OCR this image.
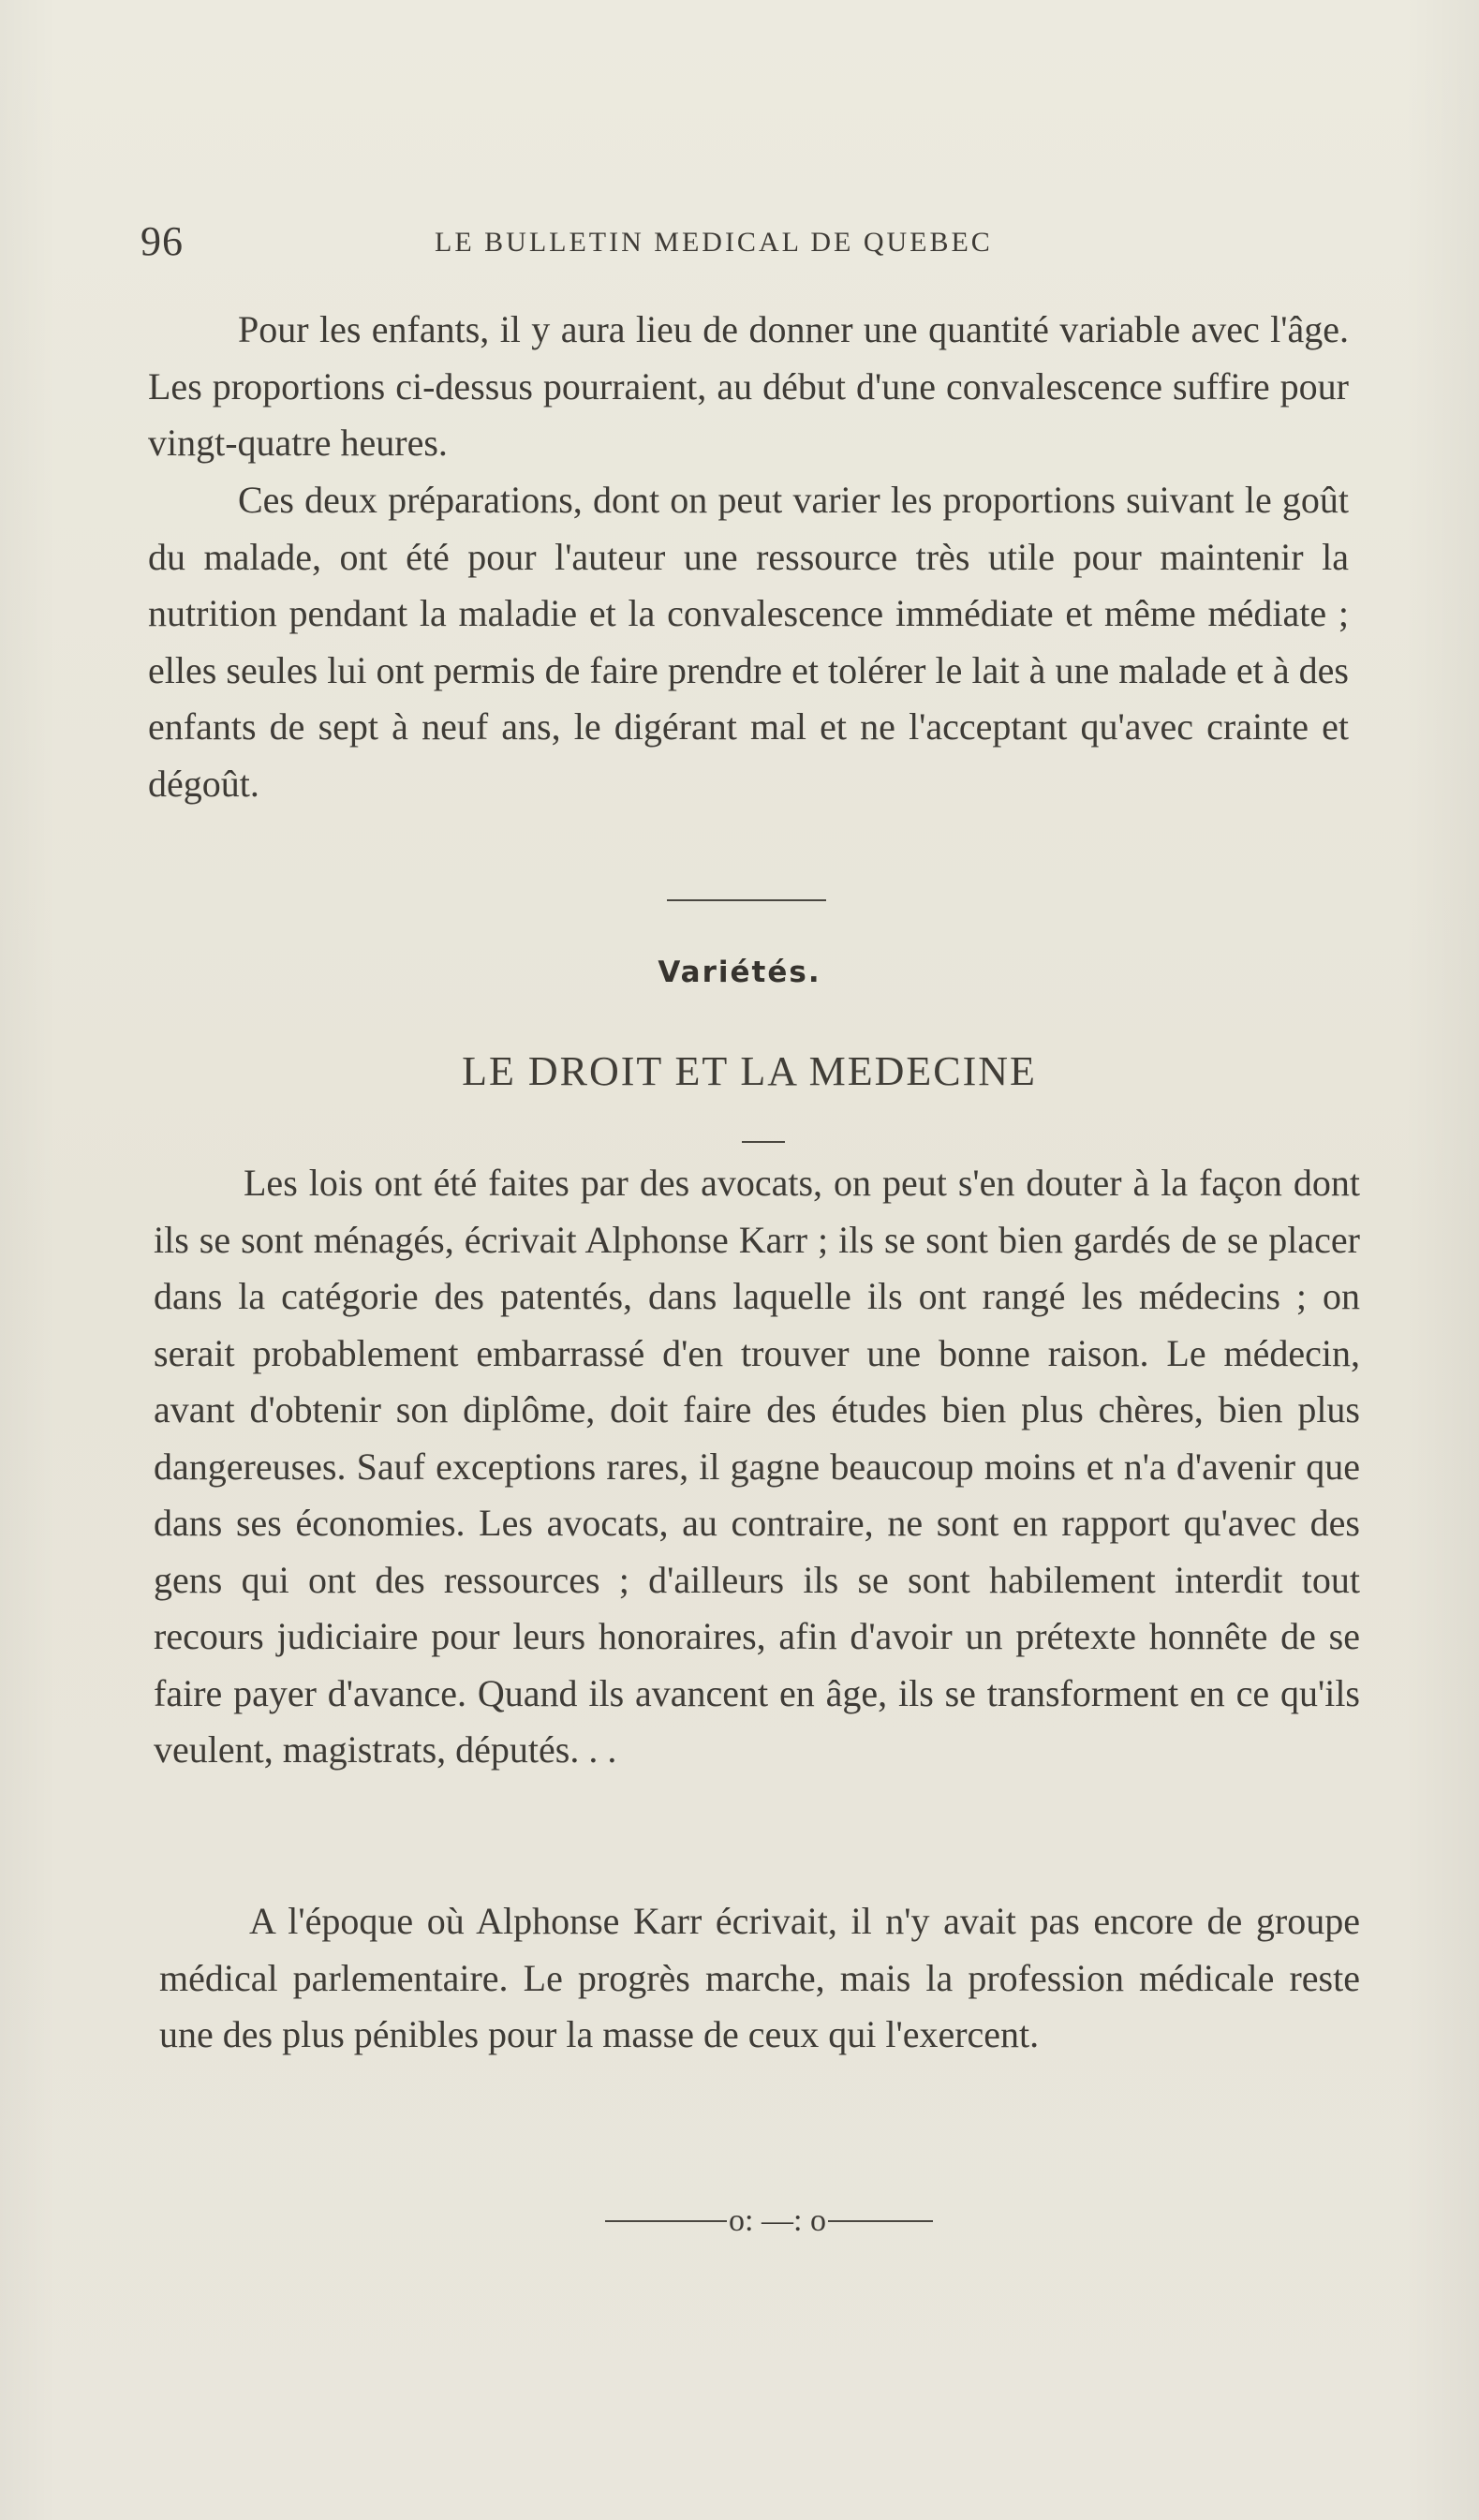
96	LE BULLETIN MEDICAL DE QUEBEC

Pour les enfants, il y aura lieu de donner une quantité variable avec l'âge. Les proportions ci-dessus pourraient, au début d'une convalescence suffire pour vingt-quatre heures.

Ces deux préparations, dont on peut varier les proportions suivant le goût du malade, ont été pour l'auteur une ressource très utile pour maintenir la nutrition pendant la maladie et la convalescence immédiate et même médiate ; elles seules lui ont permis de faire prendre et tolérer le lait à une malade et à des enfants de sept à neuf ans, le digérant mal et ne l'acceptant qu'avec crainte et dégoût.

Variétés.
LE DROIT ET LA MEDECINE

Les lois ont été faites par des avocats, on peut s'en douter à la façon dont ils se sont ménagés, écrivait Alphonse Karr ; ils se sont bien gardés de se placer dans la catégorie des patentés, dans laquelle ils ont rangé les médecins ; on serait probablement embarrassé d'en trouver une bonne raison. Le médecin, avant d'obtenir son diplôme, doit faire des études bien plus chères, bien plus dangereuses. Sauf exceptions rares, il gagne beaucoup moins et n'a d'avenir que dans ses économies. Les avocats, au contraire, ne sont en rapport qu'avec des gens qui ont des ressources ; d'ailleurs ils se sont habilement interdit tout recours judiciaire pour leurs honoraires, afin d'avoir un prétexte honnête de se faire payer d'avance. Quand ils avancent en âge, ils se transforment en ce qu'ils veulent, magistrats, députés. . .

A l'époque où Alphonse Karr écrivait, il n'y avait pas encore de groupe médical parlementaire. Le progrès marche, mais la profession médicale reste une des plus pénibles pour la masse de ceux qui l'exercent.

o: —: o
